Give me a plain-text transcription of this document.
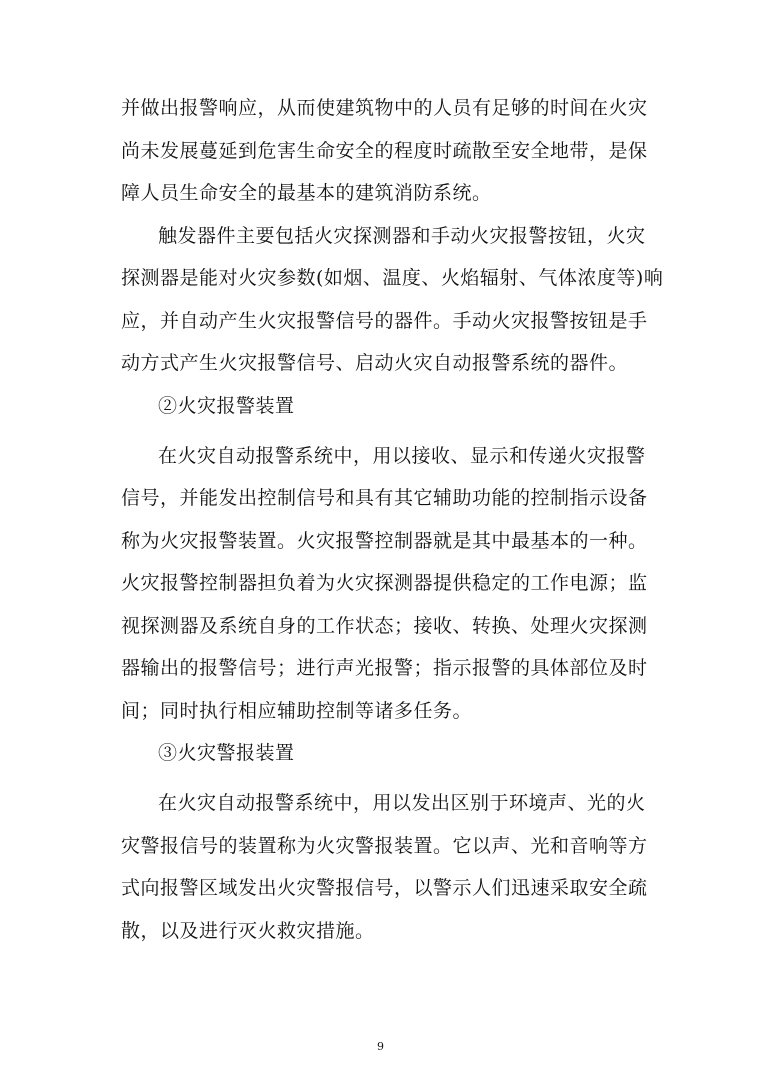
并做出报警响应，从而使建筑物中的人员有足够的时间在火灾
尚未发展蔓延到危害生命安全的程度时疏散至安全地带，是保
障人员生命安全的最基本的建筑消防系统。
触发器件主要包括火灾探测器和手动火灾报警按钮，火灾
探测器是能对火灾参数(如烟、温度、火焰辐射、气体浓度等)响
应，并自动产生火灾报警信号的器件。手动火灾报警按钮是手
动方式产生火灾报警信号、启动火灾自动报警系统的器件。
②火灾报警装置
在火灾自动报警系统中，用以接收、显示和传递火灾报警
信号，并能发出控制信号和具有其它辅助功能的控制指示设备
称为火灾报警装置。火灾报警控制器就是其中最基本的一种。
火灾报警控制器担负着为火灾探测器提供稳定的工作电源；监
视探测器及系统自身的工作状态；接收、转换、处理火灾探测
器输出的报警信号；进行声光报警；指示报警的具体部位及时
间；同时执行相应辅助控制等诸多任务。
③火灾警报装置
在火灾自动报警系统中，用以发出区别于环境声、光的火
灾警报信号的装置称为火灾警报装置。它以声、光和音响等方
式向报警区域发出火灾警报信号，以警示人们迅速采取安全疏
散，以及进行灭火救灾措施。
9
